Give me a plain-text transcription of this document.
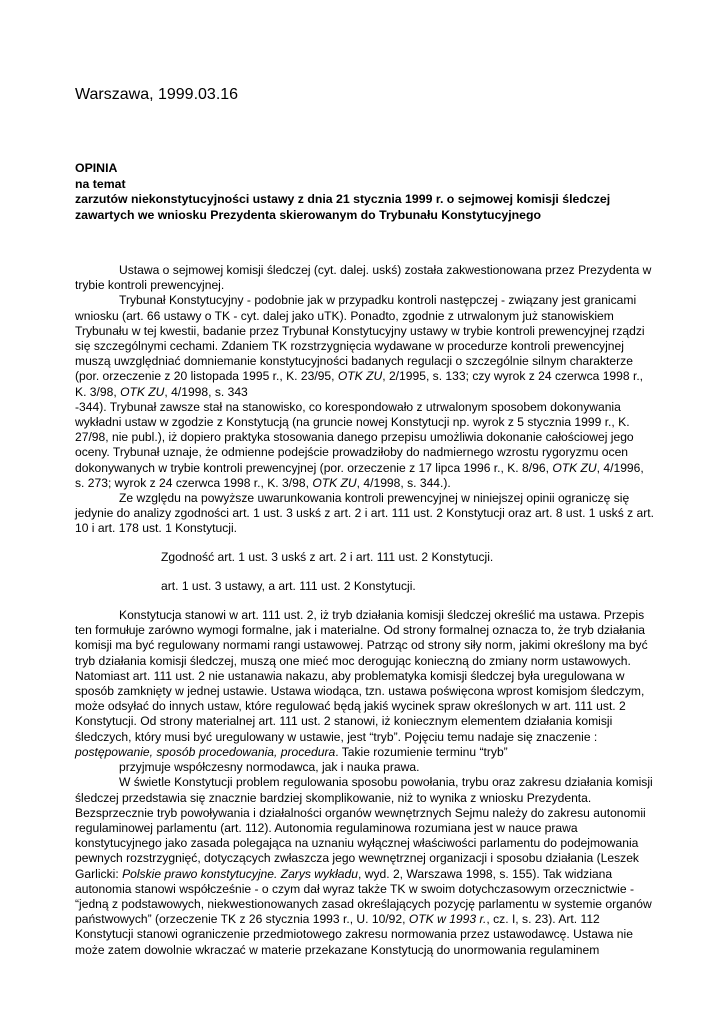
Warszawa, 1999.03.16
OPINIA
na temat
zarzutów niekonstytucyjności ustawy z dnia 21 stycznia 1999 r. o sejmowej komisji śledczej
zawartych we wniosku Prezydenta skierowanym do Trybunału Konstytucyjnego

Ustawa o sejmowej komisji śledczej (cyt. dalej. uskś) została zakwestionowana przez Prezydenta w trybie kontroli prewencyjnej.

Trybunał Konstytucyjny - podobnie jak w przypadku kontroli następczej - związany jest granicami wniosku (art. 66 ustawy o TK - cyt. dalej jako uTK). Ponadto, zgodnie z utrwalonym już stanowiskiem Trybunału w tej kwestii, badanie przez Trybunał Konstytucyjny ustawy w trybie kontroli prewencyjnej rządzi się szczególnymi cechami. Zdaniem TK rozstrzygnięcia wydawane w procedurze kontroli prewencyjnej muszą uwzględniać domniemanie konstytucyjności badanych regulacji o szczególnie silnym charakterze (por. orzeczenie z 20 listopada 1995 r., K. 23/95, OTK ZU, 2/1995, s. 133; czy wyrok z 24 czerwca 1998 r., K. 3/98, OTK ZU, 4/1998, s. 343

-344). Trybunał zawsze stał na stanowisko, co korespondowało z utrwalonym sposobem dokonywania wykładni ustaw w zgodzie z Konstytucją (na gruncie nowej Konstytucji np. wyrok z 5 stycznia 1999 r., K. 27/98, nie publ.), iż dopiero praktyka stosowania danego przepisu umożliwia dokonanie całościowej jego oceny. Trybunał uznaje, że odmienne podejście prowadziłoby do nadmiernego wzrostu rygoryzmu ocen dokonywanych w trybie kontroli prewencyjnej (por. orzeczenie z 17 lipca 1996 r., K. 8/96, OTK ZU, 4/1996, s. 273; wyrok z 24 czerwca 1998 r., K. 3/98, OTK ZU, 4/1998, s. 344.).

Ze względu na powyższe uwarunkowania kontroli prewencyjnej w niniejszej opinii ograniczę się jedynie do analizy zgodności art. 1 ust. 3 uskś z art. 2 i art. 111 ust. 2 Konstytucji oraz art. 8 ust. 1 uskś z art. 10 i art. 178 ust. 1 Konstytucji.

Zgodność art. 1 ust. 3 uskś z art. 2 i art. 111 ust. 2 Konstytucji.

art. 1 ust. 3 ustawy, a art. 111 ust. 2 Konstytucji.

Konstytucja stanowi w art. 111 ust. 2, iż tryb działania komisji śledczej określić ma ustawa. Przepis ten formułuje zarówno wymogi formalne, jak i materialne. Od strony formalnej oznacza to, że tryb działania komisji ma być regulowany normami rangi ustawowej. Patrząc od strony siły norm, jakimi określony ma być tryb działania komisji śledczej, muszą one mieć moc derogując konieczną do zmiany norm ustawowych. Natomiast art. 111 ust. 2 nie ustanawia nakazu, aby problematyka komisji śledczej była uregulowana w sposób zamknięty w jednej ustawie. Ustawa wiodąca, tzn. ustawa poświęcona wprost komisjom śledczym, może odsyłać do innych ustaw, które regulować będą jakiś wycinek spraw określonych w art. 111 ust. 2 Konstytucji. Od strony materialnej art. 111 ust. 2 stanowi, iż koniecznym elementem działania komisji śledczych, który musi być uregulowany w ustawie, jest “tryb”. Pojęciu temu nadaje się znaczenie : postępowanie, sposób procedowania, procedura. Takie rozumienie terminu “tryb”

przyjmuje współczesny normodawca, jak i nauka prawa.

W świetle Konstytucji problem regulowania sposobu powołania, trybu oraz zakresu działania komisji śledczej przedstawia się znacznie bardziej skomplikowanie, niż to wynika z wniosku Prezydenta. Bezsprzecznie tryb powoływania i działalności organów wewnętrznych Sejmu należy do zakresu autonomii regulaminowej parlamentu (art. 112). Autonomia regulaminowa rozumiana jest w nauce prawa konstytucyjnego jako zasada polegająca na uznaniu wyłącznej właściwości parlamentu do podejmowania pewnych rozstrzygnięć, dotyczących zwłaszcza jego wewnętrznej organizacji i sposobu działania (Leszek Garlicki: Polskie prawo konstytucyjne. Zarys wykładu, wyd. 2, Warszawa 1998, s. 155). Tak widziana autonomia stanowi współcześnie - o czym dał wyraz także TK w swoim dotychczasowym orzecznictwie - “jedną z podstawowych, niekwestionowanych zasad określających pozycję parlamentu w systemie organów państwowych” (orzeczenie TK z 26 stycznia 1993 r., U. 10/92, OTK w 1993 r., cz. I, s. 23). Art. 112 Konstytucji stanowi ograniczenie przedmiotowego zakresu normowania przez ustawodawcę. Ustawa nie może zatem dowolnie wkraczać w materie przekazane Konstytucją do unormowania regulaminem
